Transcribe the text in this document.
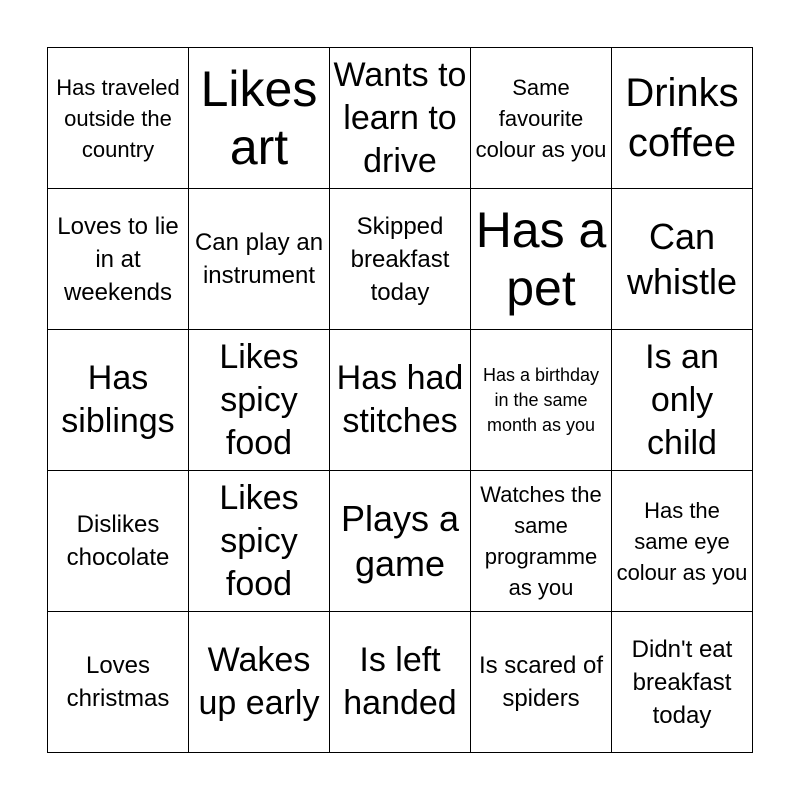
Has traveled outside the country
Likes art
Wants to learn to drive
Same favourite colour as you
Drinks coffee
Loves to lie in at weekends
Can play an instrument
Skipped breakfast today
Has a pet
Can whistle
Has siblings
Likes spicy food
Has had stitches
Has a birthday in the same month as you
Is an only child
Dislikes chocolate
Likes spicy food
Plays a game
Watches the same programme as you
Has the same eye colour as you
Loves christmas
Wakes up early
Is left handed
Is scared of spiders
Didn't eat breakfast today
